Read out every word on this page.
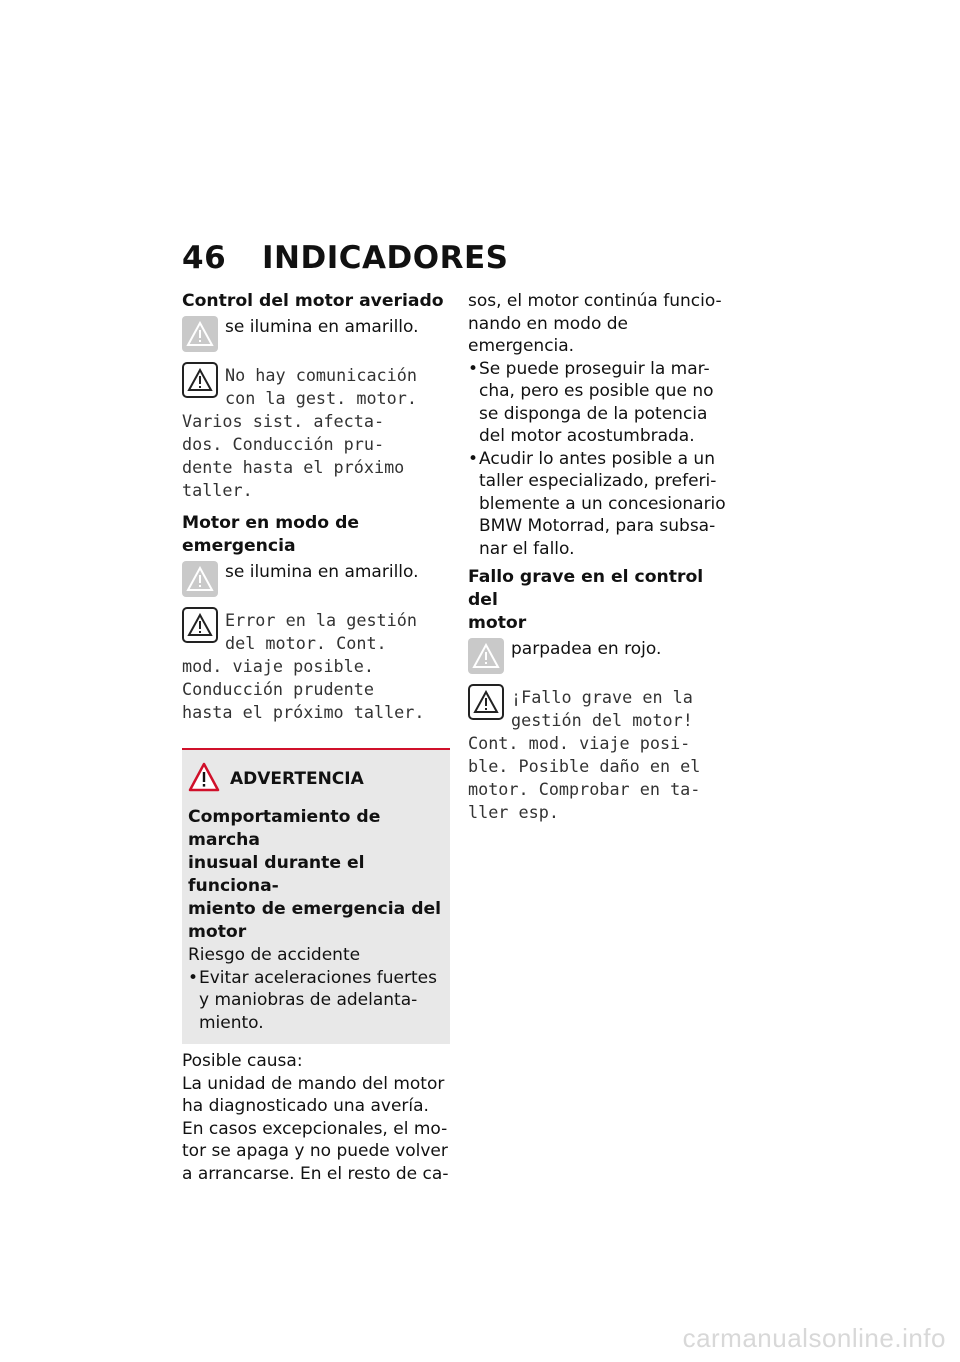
46 INDICADORES
Control del motor averiado
se ilumina en amarillo.
No hay comunicación
con la gest. motor.
Varios sist. afecta-
dos. Conducción pru-
dente hasta el próximo
taller.
Motor en modo de
emergencia
se ilumina en amarillo.
Error en la gestión
del motor. Cont.
mod. viaje posible.
Conducción prudente
hasta el próximo taller.
ADVERTENCIA
Comportamiento de marcha
inusual durante el funciona-
miento de emergencia del
motor
Riesgo de accidente
• Evitar aceleraciones fuertes
y maniobras de adelanta-
miento.
Posible causa:
La unidad de mando del motor
ha diagnosticado una avería.
En casos excepcionales, el mo-
tor se apaga y no puede volver
a arrancarse. En el resto de ca-
sos, el motor continúa funcio-
nando en modo de emergencia.
• Se puede proseguir la mar-
cha, pero es posible que no
se disponga de la potencia
del motor acostumbrada.
• Acudir lo antes posible a un
taller especializado, preferi-
blemente a un concesionario
BMW Motorrad, para subsa-
nar el fallo.
Fallo grave en el control del
motor
parpadea en rojo.
¡Fallo grave en la
gestión del motor!
Cont. mod. viaje posi-
ble. Posible daño en el
motor. Comprobar en ta-
ller esp.
carmanualsonline.info
